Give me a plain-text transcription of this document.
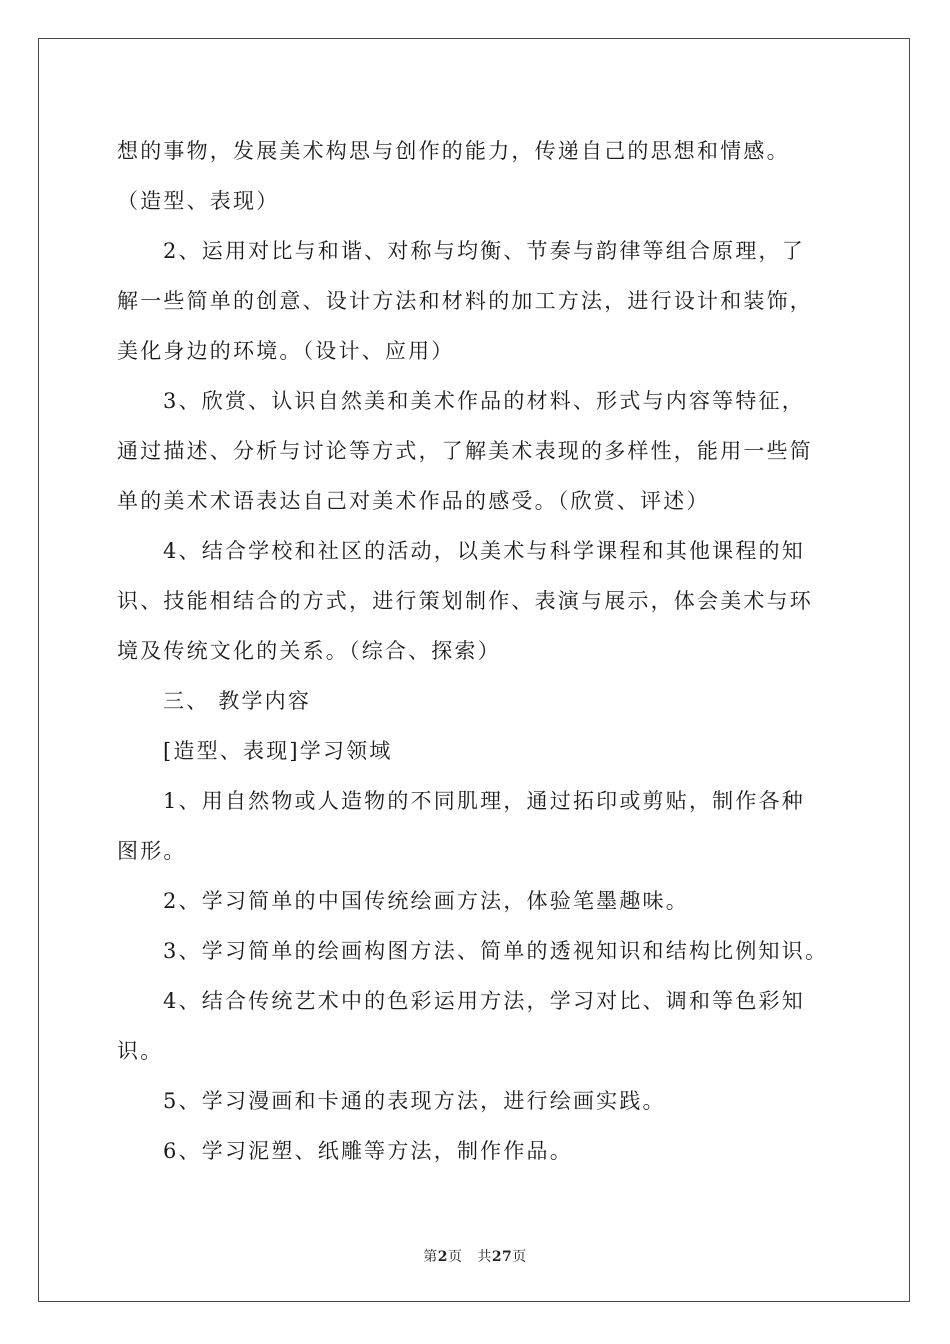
想的事物，发展美术构思与创作的能力，传递自己的思想和情感。
（造型、表现）
2、运用对比与和谐、对称与均衡、节奏与韵律等组合原理，了
解一些简单的创意、设计方法和材料的加工方法，进行设计和装饰，
美化身边的环境。（设计、应用）
3、欣赏、认识自然美和美术作品的材料、形式与内容等特征，
通过描述、分析与讨论等方式，了解美术表现的多样性，能用一些简
单的美术术语表达自己对美术作品的感受。（欣赏、评述）
4、结合学校和社区的活动，以美术与科学课程和其他课程的知
识、技能相结合的方式，进行策划制作、表演与展示，体会美术与环
境及传统文化的关系。（综合、探索）
三、 教学内容
[造型、表现]学习领域
1、用自然物或人造物的不同肌理，通过拓印或剪贴，制作各种
图形。
2、学习简单的中国传统绘画方法，体验笔墨趣味。
3、学习简单的绘画构图方法、简单的透视知识和结构比例知识。
4、结合传统艺术中的色彩运用方法，学习对比、调和等色彩知
识。
5、学习漫画和卡通的表现方法，进行绘画实践。
6、学习泥塑、纸雕等方法，制作作品。
第2页 共27页
